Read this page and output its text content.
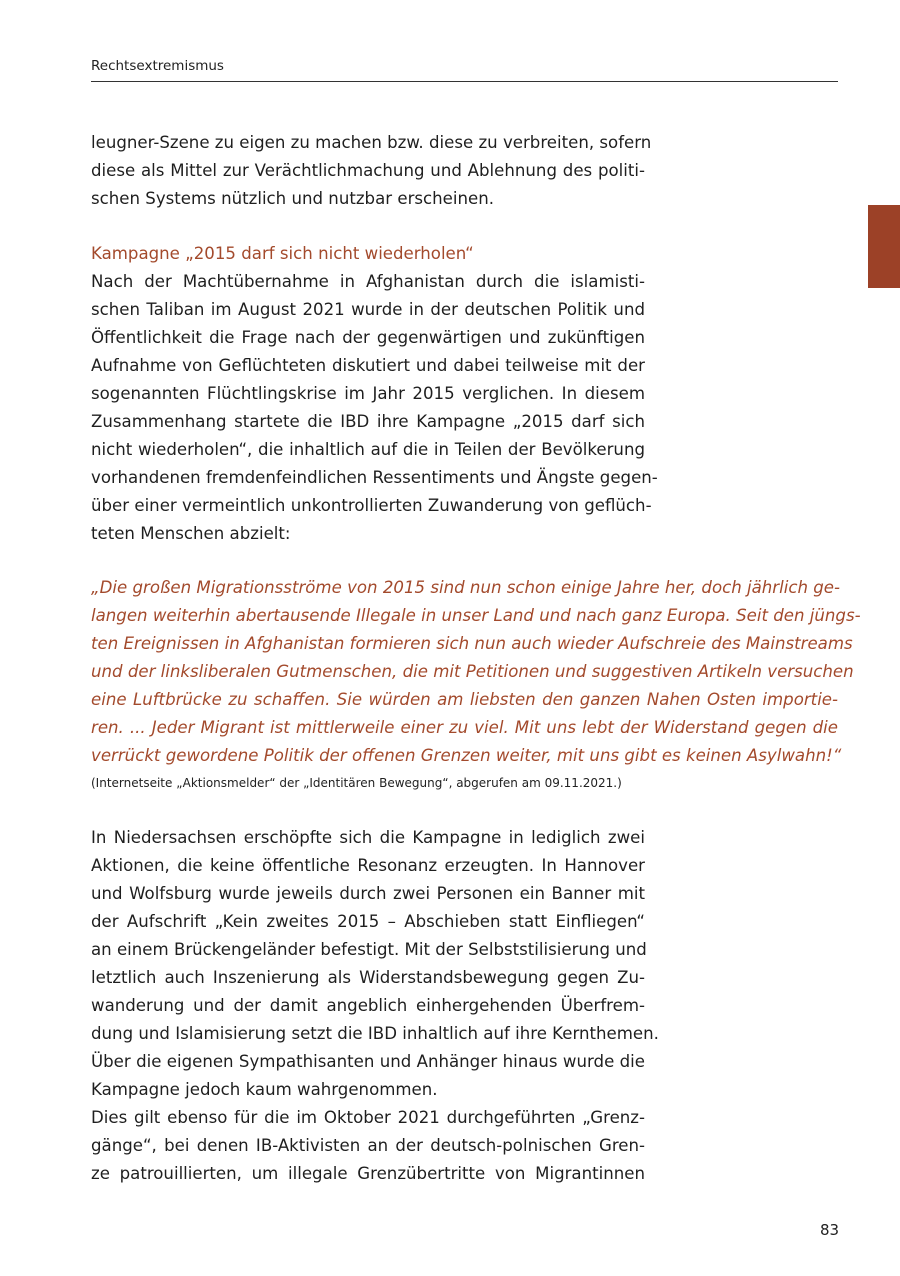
Rechtsextremismus
leugner-Szene zu eigen zu machen bzw. diese zu verbreiten, sofern
diese als Mittel zur Verächtlichmachung und Ablehnung des politi-
schen Systems nützlich und nutzbar erscheinen.
Kampagne „2015 darf sich nicht wiederholen“
Nach der Machtübernahme in Afghanistan durch die islamisti-
schen Taliban im August 2021 wurde in der deutschen Politik und
Öffentlichkeit die Frage nach der gegenwärtigen und zukünftigen
Aufnahme von Geflüchteten diskutiert und dabei teilweise mit der
sogenannten Flüchtlingskrise im Jahr 2015 verglichen. In diesem
Zusammenhang startete die IBD ihre Kampagne „2015 darf sich
nicht wiederholen“, die inhaltlich auf die in Teilen der Bevölkerung
vorhandenen fremdenfeindlichen Ressentiments und Ängste gegen-
über einer vermeintlich unkontrollierten Zuwanderung von geflüch-
teten Menschen abzielt:
„Die großen Migrationsströme von 2015 sind nun schon einige Jahre her, doch jährlich ge-
langen weiterhin abertausende Illegale in unser Land und nach ganz Europa. Seit den jüngs-
ten Ereignissen in Afghanistan formieren sich nun auch wieder Aufschreie des Mainstreams
und der linksliberalen Gutmenschen, die mit Petitionen und suggestiven Artikeln versuchen
eine Luftbrücke zu schaffen. Sie würden am liebsten den ganzen Nahen Osten importie-
ren. ... Jeder Migrant ist mittlerweile einer zu viel. Mit uns lebt der Widerstand gegen die
verrückt gewordene Politik der offenen Grenzen weiter, mit uns gibt es keinen Asylwahn!“
(Internetseite „Aktionsmelder“ der „Identitären Bewegung“, abgerufen am 09.11.2021.)
In Niedersachsen erschöpfte sich die Kampagne in lediglich zwei
Aktionen, die keine öffentliche Resonanz erzeugten. In Hannover
und Wolfsburg wurde jeweils durch zwei Personen ein Banner mit
der Aufschrift „Kein zweites 2015 – Abschieben statt Einfliegen“
an einem Brückengeländer befestigt. Mit der Selbststilisierung und
letztlich auch Inszenierung als Widerstandsbewegung gegen Zu-
wanderung und der damit angeblich einhergehenden Überfrem-
dung und Islamisierung setzt die IBD inhaltlich auf ihre Kernthemen.
Über die eigenen Sympathisanten und Anhänger hinaus wurde die
Kampagne jedoch kaum wahrgenommen.
Dies gilt ebenso für die im Oktober 2021 durchgeführten „Grenz-
gänge“, bei denen IB-Aktivisten an der deutsch-polnischen Gren-
ze patrouillierten, um illegale Grenzübertritte von Migrantinnen
83
